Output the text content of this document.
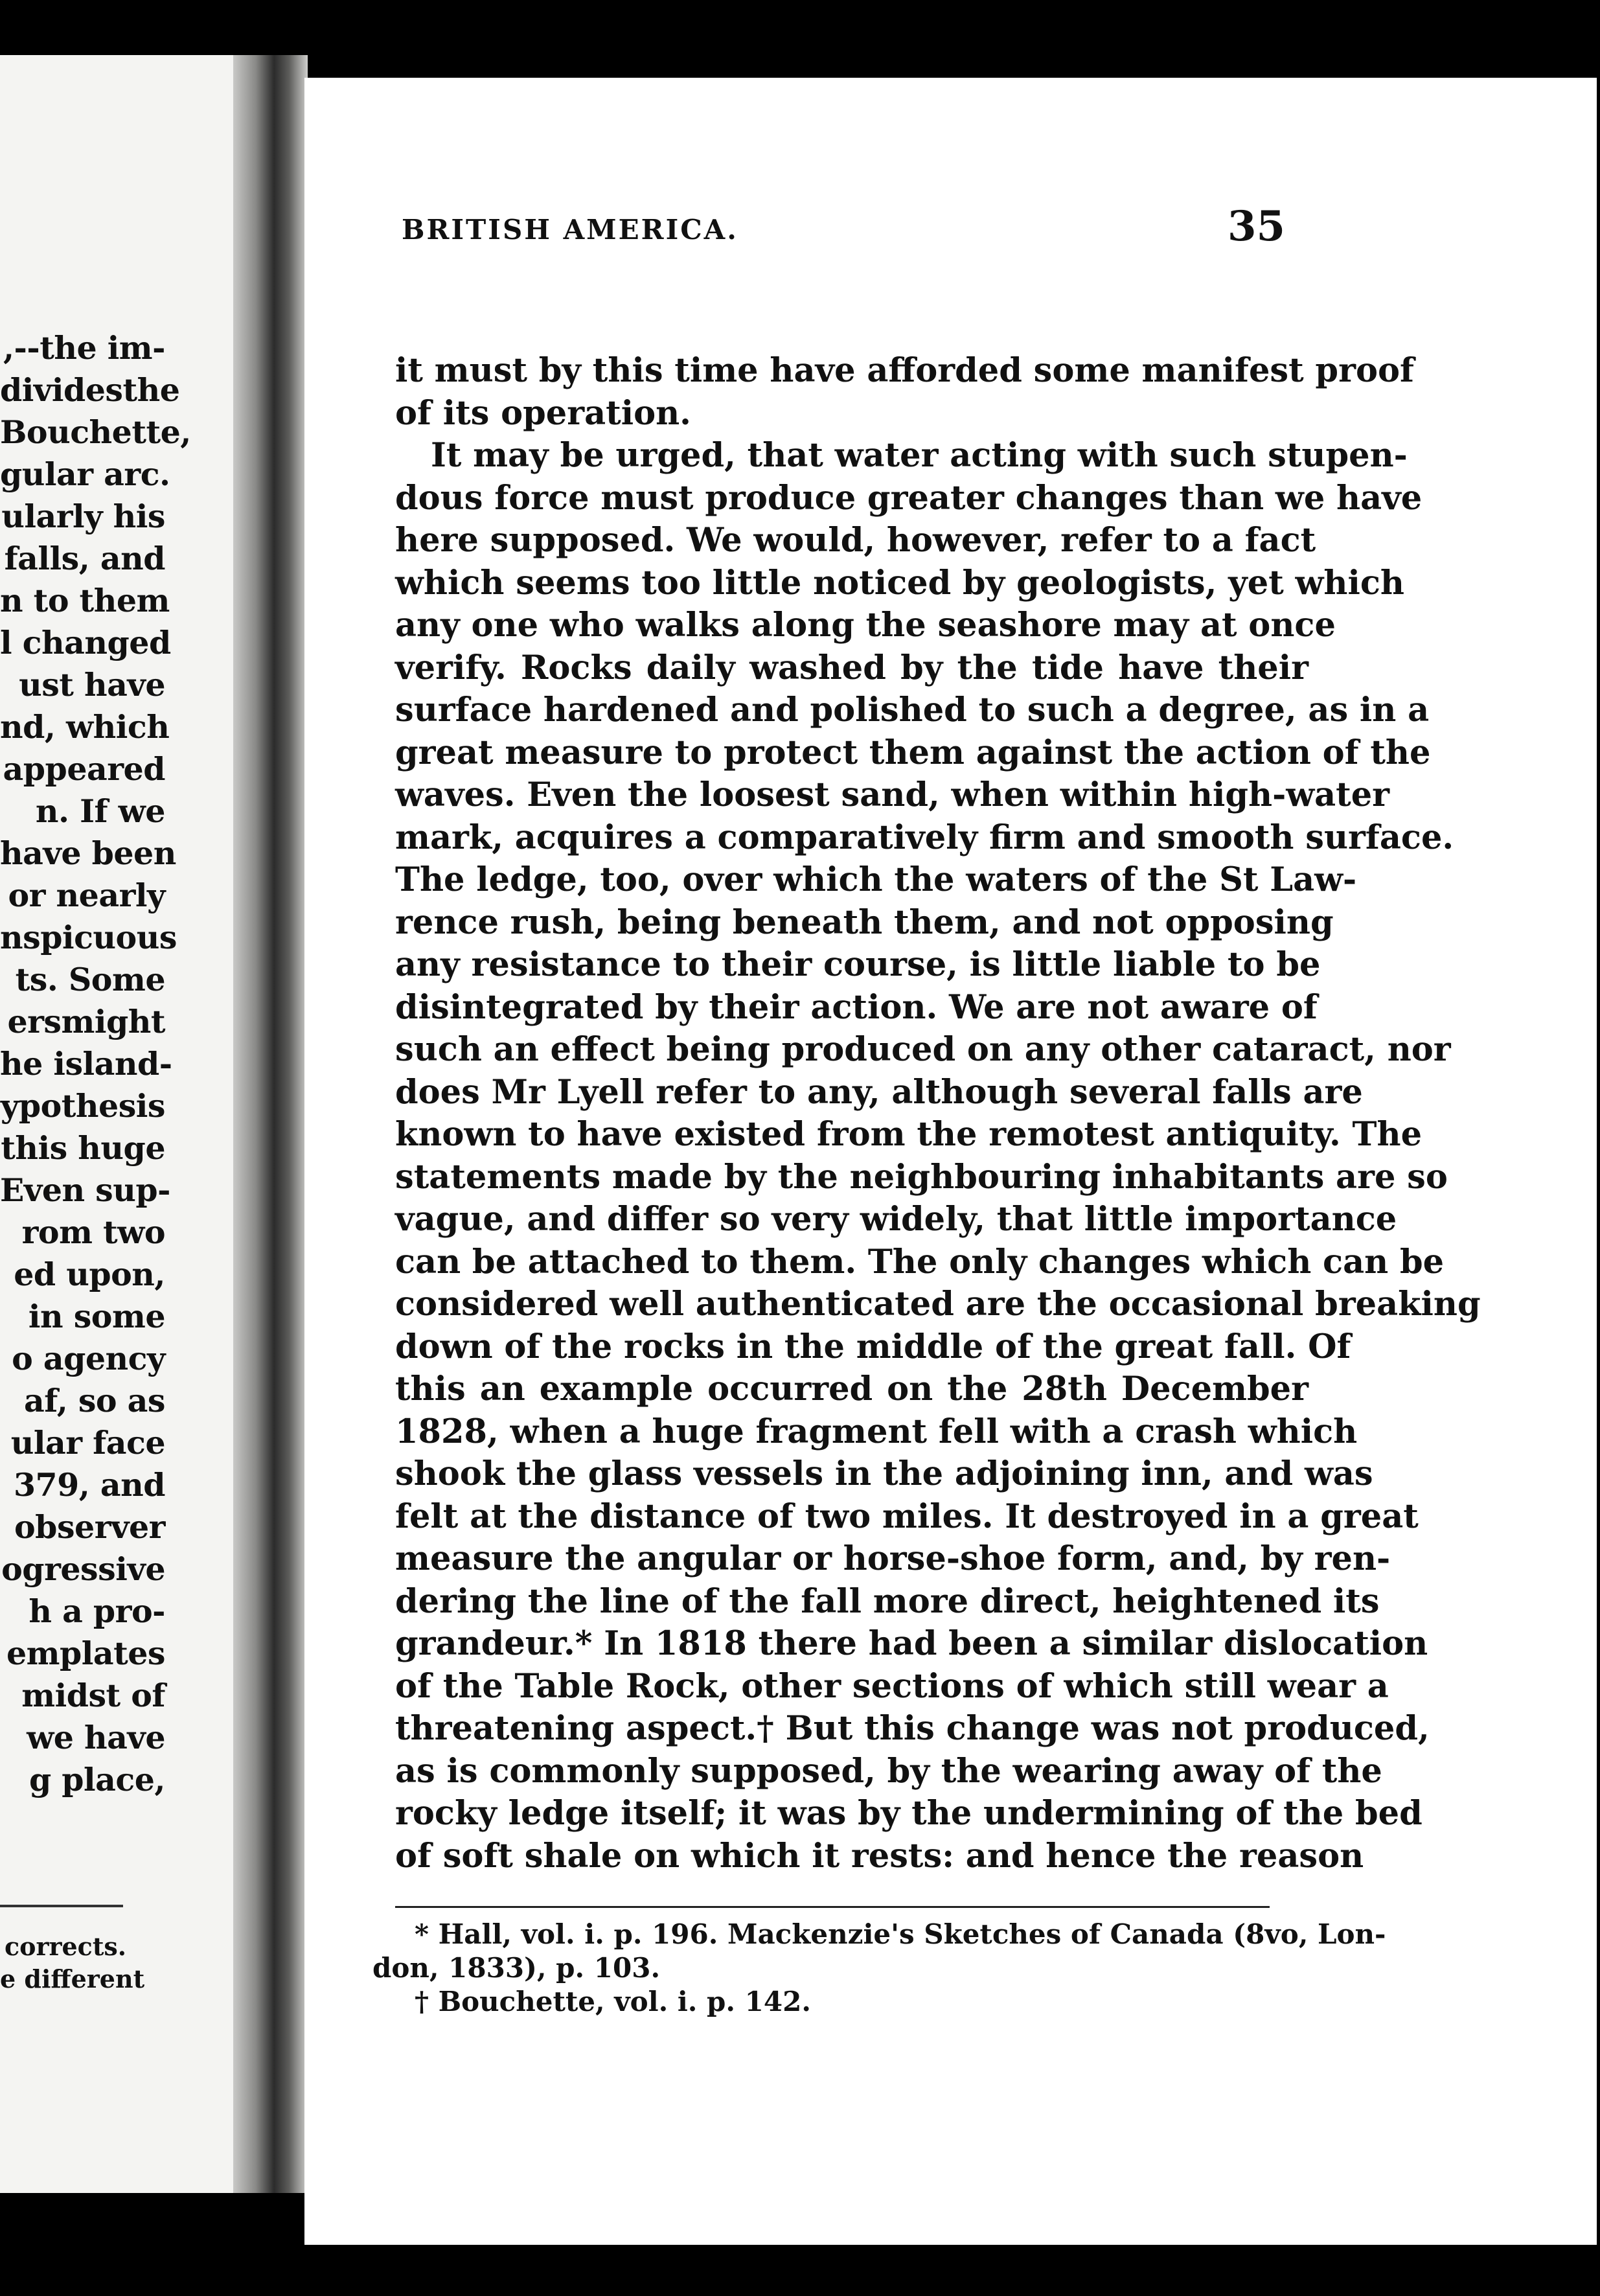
,--the im-
dividesthe
Bouchette,
gular arc.
ularly his
falls, and
n to them
l changed
ust have
nd, which
appeared
n. If we
have been
or nearly
nspicuous
ts. Some
ersmight
he island-
ypothesis
this huge
Even sup-
rom two
ed upon,
in some
o agency
af, so as
ular face
379, and
observer
ogressive
h a pro-
emplates
midst of
we have
g place,
corrects.
e different
BRITISH AMERICA.	35
it must by this time have afforded some manifest proof
of its operation.
It may be urged, that water acting with such stupen-
dous force must produce greater changes than we have
here supposed. We would, however, refer to a fact
which seems too little noticed by geologists, yet which
any one who walks along the seashore may at once
verify. Rocks daily washed by the tide have their
surface hardened and polished to such a degree, as in a
great measure to protect them against the action of the
waves. Even the loosest sand, when within high-water
mark, acquires a comparatively firm and smooth surface.
The ledge, too, over which the waters of the St Law-
rence rush, being beneath them, and not opposing
any resistance to their course, is little liable to be
disintegrated by their action. We are not aware of
such an effect being produced on any other cataract, nor
does Mr Lyell refer to any, although several falls are
known to have existed from the remotest antiquity. The
statements made by the neighbouring inhabitants are so
vague, and differ so very widely, that little importance
can be attached to them. The only changes which can be
considered well authenticated are the occasional breaking
down of the rocks in the middle of the great fall. Of
this an example occurred on the 28th December
1828, when a huge fragment fell with a crash which
shook the glass vessels in the adjoining inn, and was
felt at the distance of two miles. It destroyed in a great
measure the angular or horse-shoe form, and, by ren-
dering the line of the fall more direct, heightened its
grandeur.* In 1818 there had been a similar dislocation
of the Table Rock, other sections of which still wear a
threatening aspect.† But this change was not produced,
as is commonly supposed, by the wearing away of the
rocky ledge itself; it was by the undermining of the bed
of soft shale on which it rests: and hence the reason
* Hall, vol. i. p. 196. Mackenzie's Sketches of Canada (8vo, Lon-
don, 1833), p. 103.
† Bouchette, vol. i. p. 142.
